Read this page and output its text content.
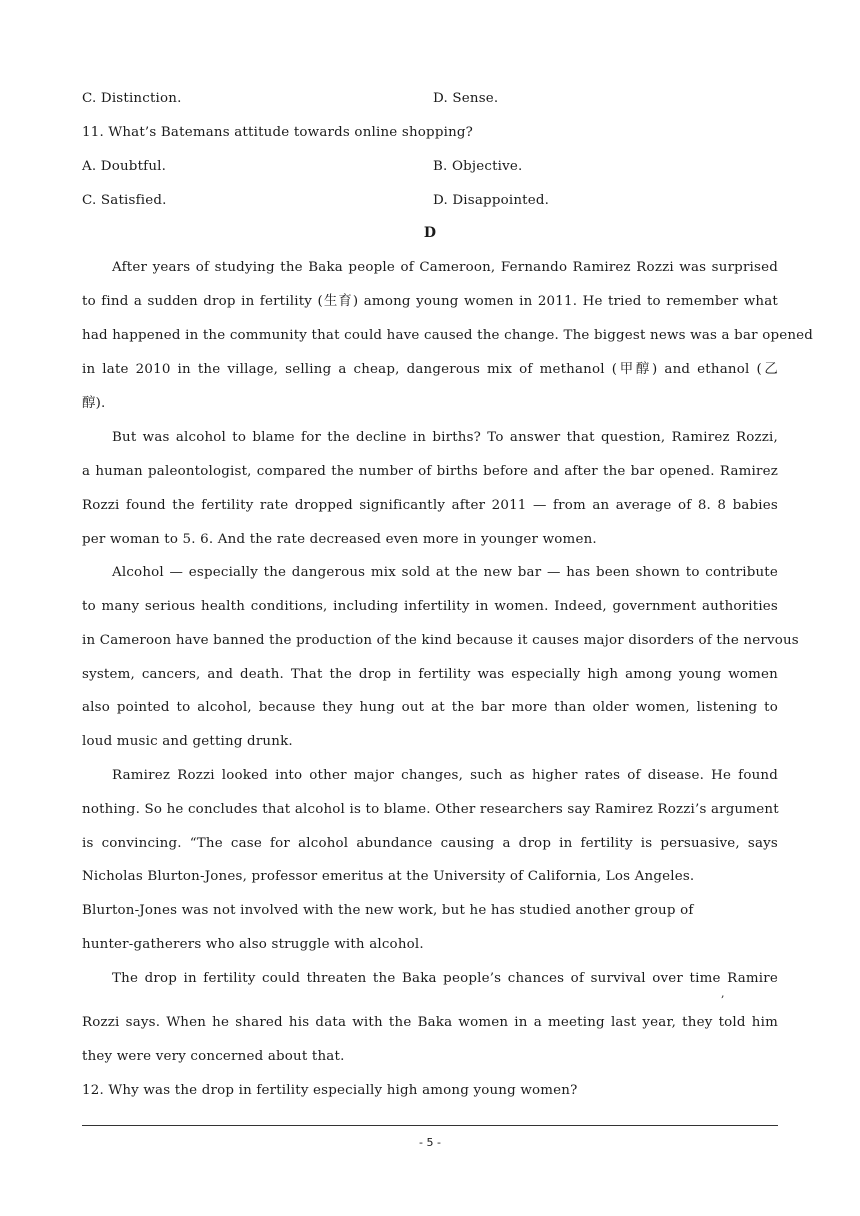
C. Distinction.	D. Sense.
11. What’s Batemans attitude towards online shopping?
A. Doubtful.	B. Objective.
C. Satisfied.	D. Disappointed.
D
After years of studying the Baka people of Cameroon, Fernando Ramirez Rozzi was surprised
to find a sudden drop in fertility (生育) among young women in 2011. He tried to remember what
had happened in the community that could have caused the change. The biggest news was a bar opened
in late 2010 in the village, selling a cheap, dangerous mix of methanol (甲醇) and ethanol (乙
醇).
But was alcohol to blame for the decline in births? To answer that question, Ramirez Rozzi,
a human paleontologist, compared the number of births before and after the bar opened. Ramirez
Rozzi found the fertility rate dropped significantly after 2011 — from an average of 8. 8 babies
per woman to 5. 6. And the rate decreased even more in younger women.
Alcohol — especially the dangerous mix sold at the new bar — has been shown to contribute
to many serious health conditions, including infertility in women. Indeed, government authorities
in Cameroon have banned the production of the kind because it causes major disorders of the nervous
system, cancers, and death. That the drop in fertility was especially high among young women
also pointed to alcohol, because they hung out at the bar more than older women, listening to
loud music and getting drunk.
Ramirez Rozzi looked into other major changes, such as higher rates of disease. He found
nothing. So he concludes that alcohol is to blame. Other researchers say Ramirez Rozzi’s argument
is convincing. “The case for alcohol abundance causing a drop in fertility is persuasive, says
Nicholas Blurton-Jones, professor emeritus at the University of California, Los Angeles.
Blurton-Jones was not involved with the new work, but he has studied another group of
hunter-gatherers who also struggle with alcohol.
The drop in fertility could threaten the Baka people’s chances of survival over time Ramire
,
Rozzi says. When he shared his data with the Baka women in a meeting last year, they told him
they were very concerned about that.
12. Why was the drop in fertility especially high among young women?
- 5 -
